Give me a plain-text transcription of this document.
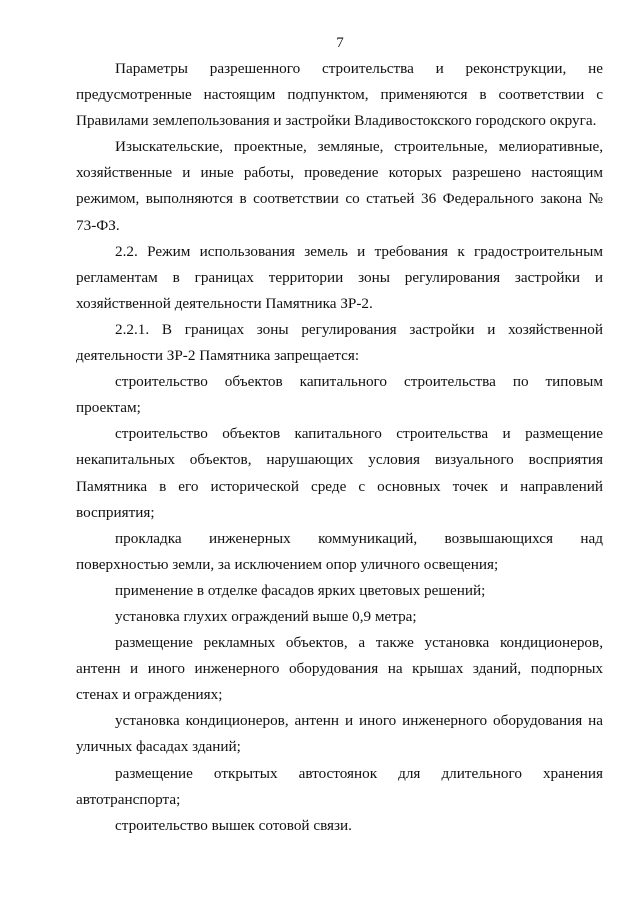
7

Параметры разрешенного строительства и реконструкции, не предусмотренные настоящим подпунктом, применяются в соответствии с Правилами землепользования и застройки Владивостокского городского округа.

Изыскательские, проектные, земляные, строительные, мелиоративные, хозяйственные и иные работы, проведение которых разрешено настоящим режимом, выполняются в соответствии со статьей 36 Федерального закона № 73-ФЗ.

2.2. Режим использования земель и требования к градостроительным регламентам в границах территории зоны регулирования застройки и хозяйственной деятельности Памятника ЗР-2.

2.2.1. В границах зоны регулирования застройки и хозяйственной деятельности ЗР-2 Памятника запрещается:

строительство объектов капитального строительства по типовым проектам;

строительство объектов капитального строительства и размещение некапитальных объектов, нарушающих условия визуального восприятия Памятника в его исторической среде с основных точек и направлений восприятия;

прокладка инженерных коммуникаций, возвышающихся над поверхностью земли, за исключением опор уличного освещения;

применение в отделке фасадов ярких цветовых решений;

установка глухих ограждений выше 0,9 метра;

размещение рекламных объектов, а также установка кондиционеров, антенн и иного инженерного оборудования на крышах зданий, подпорных стенах и ограждениях;

установка кондиционеров, антенн и иного инженерного оборудования на уличных фасадах зданий;

размещение открытых автостоянок для длительного хранения автотранспорта;

строительство вышек сотовой связи.
